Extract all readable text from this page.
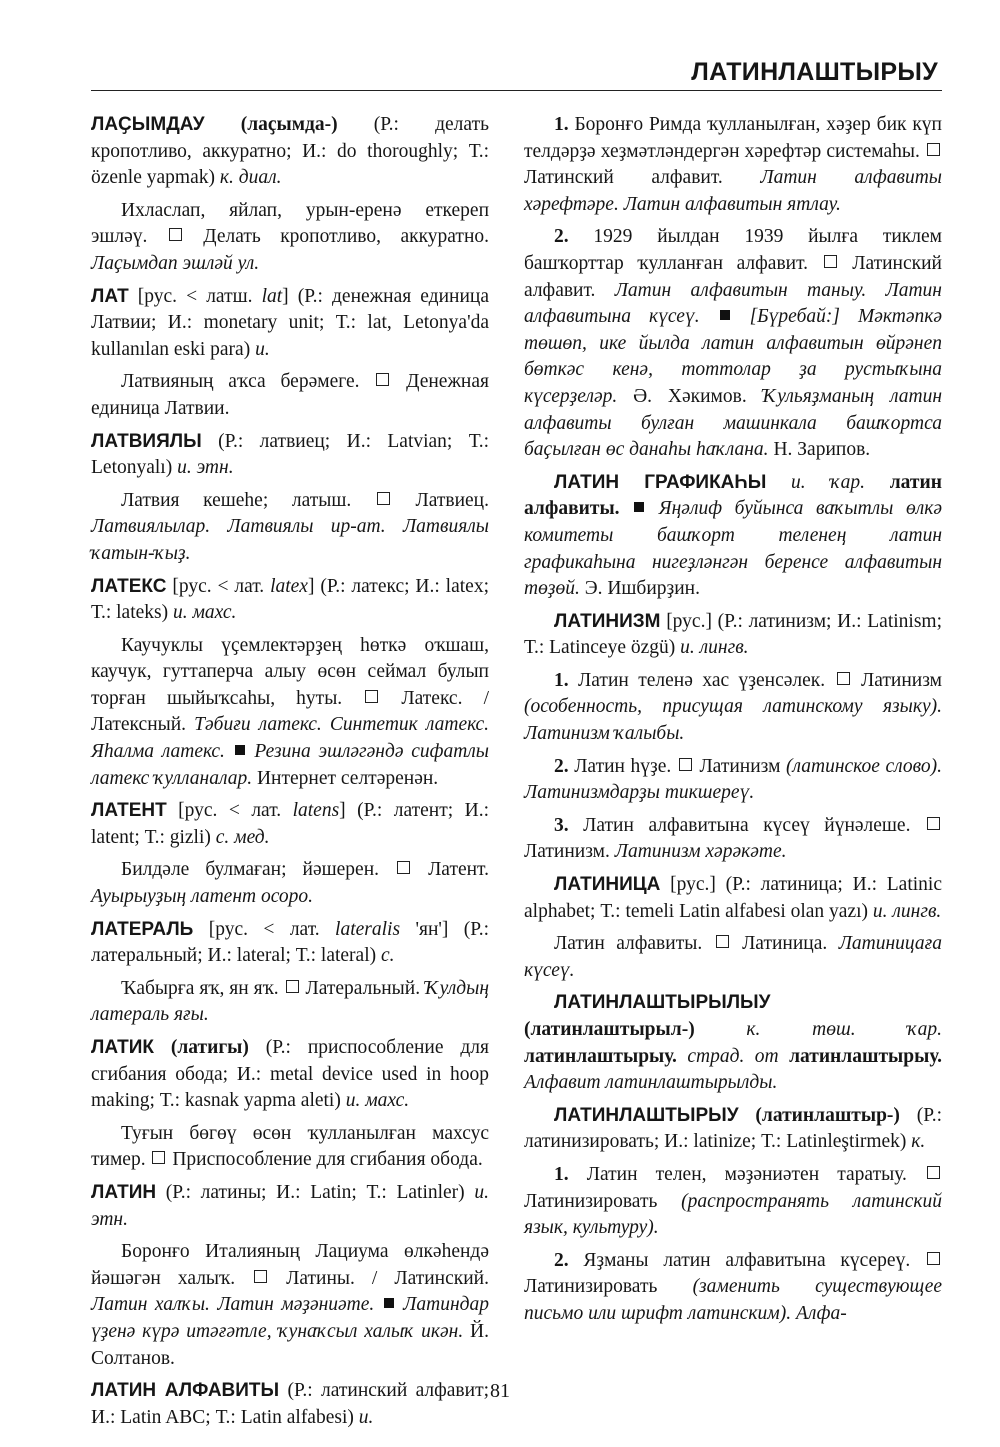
ЛАТИНЛАШТЫРЫУ

ЛАҪЫМДАУ (лаҫымда-) (Р.: делать кропотливо, аккуратно; И.: do thoroughly; Т.: özenle yapmak) к. диал.

Ихласлап, яйлап, урын-еренә еткереп эшләү.  Делать кропотливо, аккуратно. Лаҫымдап эшләй ул.

ЛАТ [рус. < латш. lat] (Р.: денежная единица Латвии; И.: monetary unit; Т.: lat, Letonya'da kullanılan eski para) и.

Латвияның аҡса берәмеге.  Денежная единица Латвии.

ЛАТВИЯЛЫ (Р.: латвиец; И.: Latvian; Т.: Letonyalı) и. этн.

Латвия кешеһе; латыш.  Латвиец. Латвиялылар. Латвиялы ир-ат. Латвиялы ҡатын-ҡыҙ.

ЛАТЕКС [рус. < лат. latex] (Р.: латекс; И.: latex; Т.: lateks) и. махс.

Каучуклы үҫемлектәрҙең һөткә оҡшаш, каучук, гуттаперча алыу өсөн сеймал булып торған шыйыҡсаһы, һуты.  Латекс. / Латексный. Тәбиғи латекс. Синтетик латекс. Яһалма латекс.  Резина эшләгәндә сифатлы латекс ҡулланалар. Интернет селтәренән.

ЛАТЕНТ [рус. < лат. latens] (Р.: латент; И.: latent; Т.: gizli) с. мед.

Билдәле булмаған; йәшерен.  Латент. Ауырыуҙың латент осоро.

ЛАТЕРАЛЬ [рус. < лат. lateralis 'ян'] (Р.: латеральный; И.: lateral; Т.: lateral) с.

Ҡабырға яҡ, ян яҡ.  Латеральный. Ҡулдың латераль яғы.

ЛАТИК (латигы) (Р.: приспособление для сгибания обода; И.: metal device used in hoop making; Т.: kasnak yapma aleti) и. махс.

Туғын бөгөү өсөн ҡулланылған махсус тимер.  Приспособление для сгибания обода.

ЛАТИН (Р.: латины; И.: Latin; Т.: Latinler) и. этн.

Боронғо Италияның Лациума өлкәһендә йәшәгән халыҡ.  Латины. / Латинский. Латин халҡы. Латин мәҙәниәте.  Латиндар үҙенә күрә итәғәтле, ҡунаҡсыл халыҡ икән. Й. Солтанов.

ЛАТИН АЛФАВИТЫ (Р.: латинский алфавит; И.: Latin ABC; Т.: Latin alfabesi) и.

1. Боронғо Римда ҡулланылған, хәҙер бик күп телдәрҙә хеҙмәтләндергән хәрефтәр системаһы.  Латинский алфавит. Латин алфавиты хәрефтәре. Латин алфавитын ятлау.

2. 1929 йылдан 1939 йылға тиклем башҡорттар ҡулланған алфавит.  Латинский алфавит. Латин алфавитын таныу. Латин алфавитына күсеү.  [Бүребай:] Мәктәпкә төшөп, ике йылда латин алфавитын өйрәнеп бөткәс кенә, тоттолар ҙа рустыҡына күсерҙеләр. Ә. Хәкимов. Ҡульяҙманың латин алфавиты булған машинкала башҡортса баҫылған өс данаһы һаҡлана. Н. Зарипов.

ЛАТИН ГРАФИКАҺЫ и. ҡар. латин алфавиты.  Яңәлиф буйынса ваҡытлы өлкә комитеты башҡорт теленең латин графикаһына нигеҙләнгән беренсе алфавитын төҙөй. Э. Ишбирҙин.

ЛАТИНИЗМ [рус.] (Р.: латинизм; И.: Latinism; Т.: Latinceye özgü) и. лингв.

1. Латин теленә хас үҙенсәлек.  Латинизм (особенность, присущая латинскому языку). Латинизм ҡалыбы.

2. Латин һүҙе.  Латинизм (латинское слово). Латинизмдарҙы тикшереү.

3. Латин алфавитына күсеү йүнәлеше.  Латинизм. Латинизм хәрәкәте.

ЛАТИНИЦА [рус.] (Р.: латиница; И.: Latinic alphabet; Т.: temeli Latin alfabesi olan yazı) и. лингв.

Латин алфавиты.  Латиница. Латиницаға күсеү.

ЛАТИНЛАШТЫРЫЛЫУ (латинлаштырыл-) к. төш. ҡар. латинлаштырыу. страд. от латинлаштырыу. Алфавит латинлаштырылды.

ЛАТИНЛАШТЫРЫУ (латинлаштыр-) (Р.: латинизировать; И.: latinize; Т.: Latinleştirmek) к.

1. Латин телен, мәҙәниәтен таратыу.  Латинизировать (распространять латинский язык, культуру).

2. Яҙманы латин алфавитына күсереү.  Латинизировать (заменить существующее письмо или шрифт латинским). Алфа-

81
